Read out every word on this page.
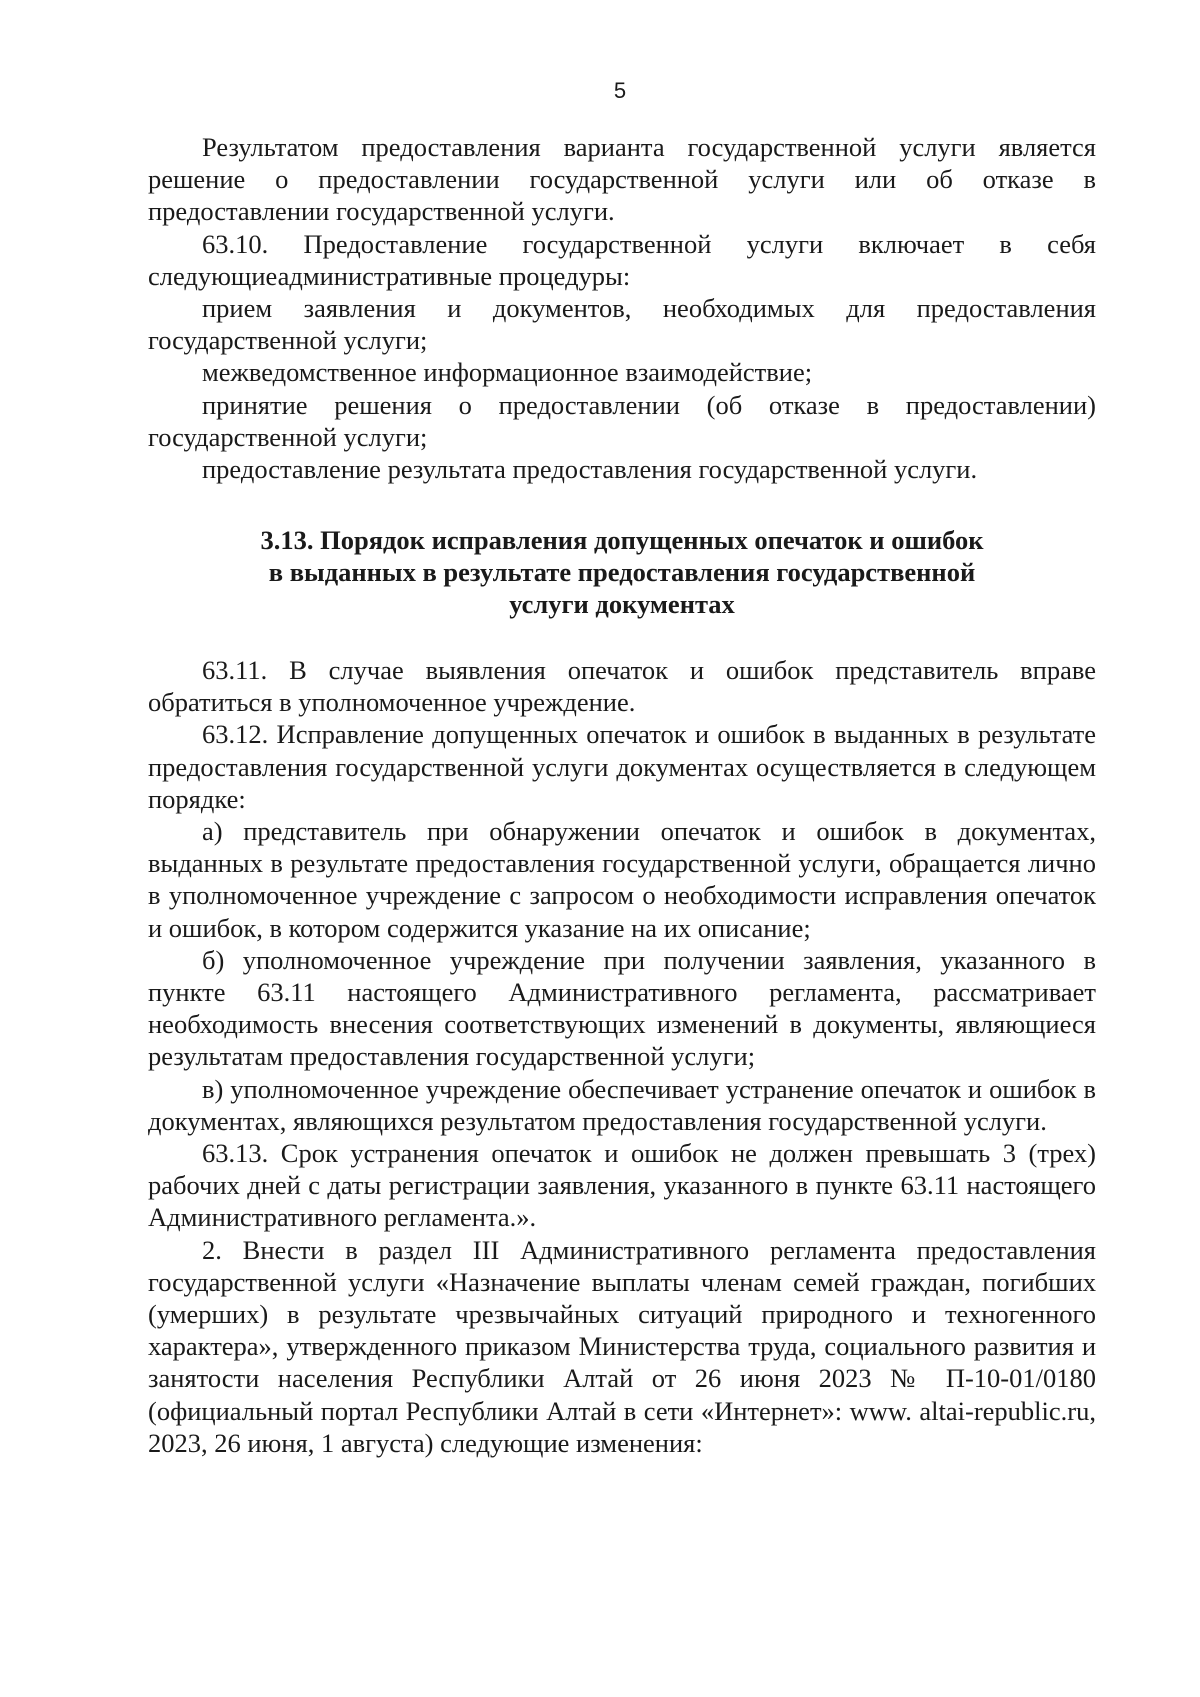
5

Результатом предоставления варианта государственной услуги является решение о предоставлении государственной услуги или об отказе в предоставлении государственной услуги.

63.10. Предоставление государственной услуги включает в себя следующиеадминистративные процедуры:

прием заявления и документов, необходимых для предоставления государственной услуги;

межведомственное информационное взаимодействие;

принятие решения о предоставлении (об отказе в предоставлении) государственной услуги;

предоставление результата предоставления государственной услуги.

3.13. Порядок исправления допущенных опечаток и ошибок
в выданных в результате предоставления государственной
услуги документах

63.11. В случае выявления опечаток и ошибок представитель вправе обратиться в уполномоченное учреждение.

63.12. Исправление допущенных опечаток и ошибок в выданных в результате предоставления государственной услуги документах осуществляется в следующем порядке:

а) представитель при обнаружении опечаток и ошибок в документах, выданных в результате предоставления государственной услуги, обращается лично в уполномоченное учреждение с запросом о необходимости исправления опечаток и ошибок, в котором содержится указание на их описание;

б) уполномоченное учреждение при получении заявления, указанного в пункте 63.11 настоящего Административного регламента, рассматривает необходимость внесения соответствующих изменений в документы, являющиеся результатам предоставления государственной услуги;

в) уполномоченное учреждение обеспечивает устранение опечаток и ошибок в документах, являющихся результатом предоставления государственной услуги.

63.13. Срок устранения опечаток и ошибок не должен превышать 3 (трех) рабочих дней с даты регистрации заявления, указанного в пункте 63.11 настоящего Административного регламента.».

2. Внести в раздел III Административного регламента предоставления государственной услуги «Назначение выплаты членам семей граждан, погибших (умерших) в результате чрезвычайных ситуаций природного и техногенного характера», утвержденного приказом Министерства труда, социального развития и занятости населения Республики Алтай от 26 июня 2023 № П-10-01/0180 (официальный портал Республики Алтай в сети «Интернет»: www. altai-republic.ru, 2023, 26 июня, 1 августа) следующие изменения:
